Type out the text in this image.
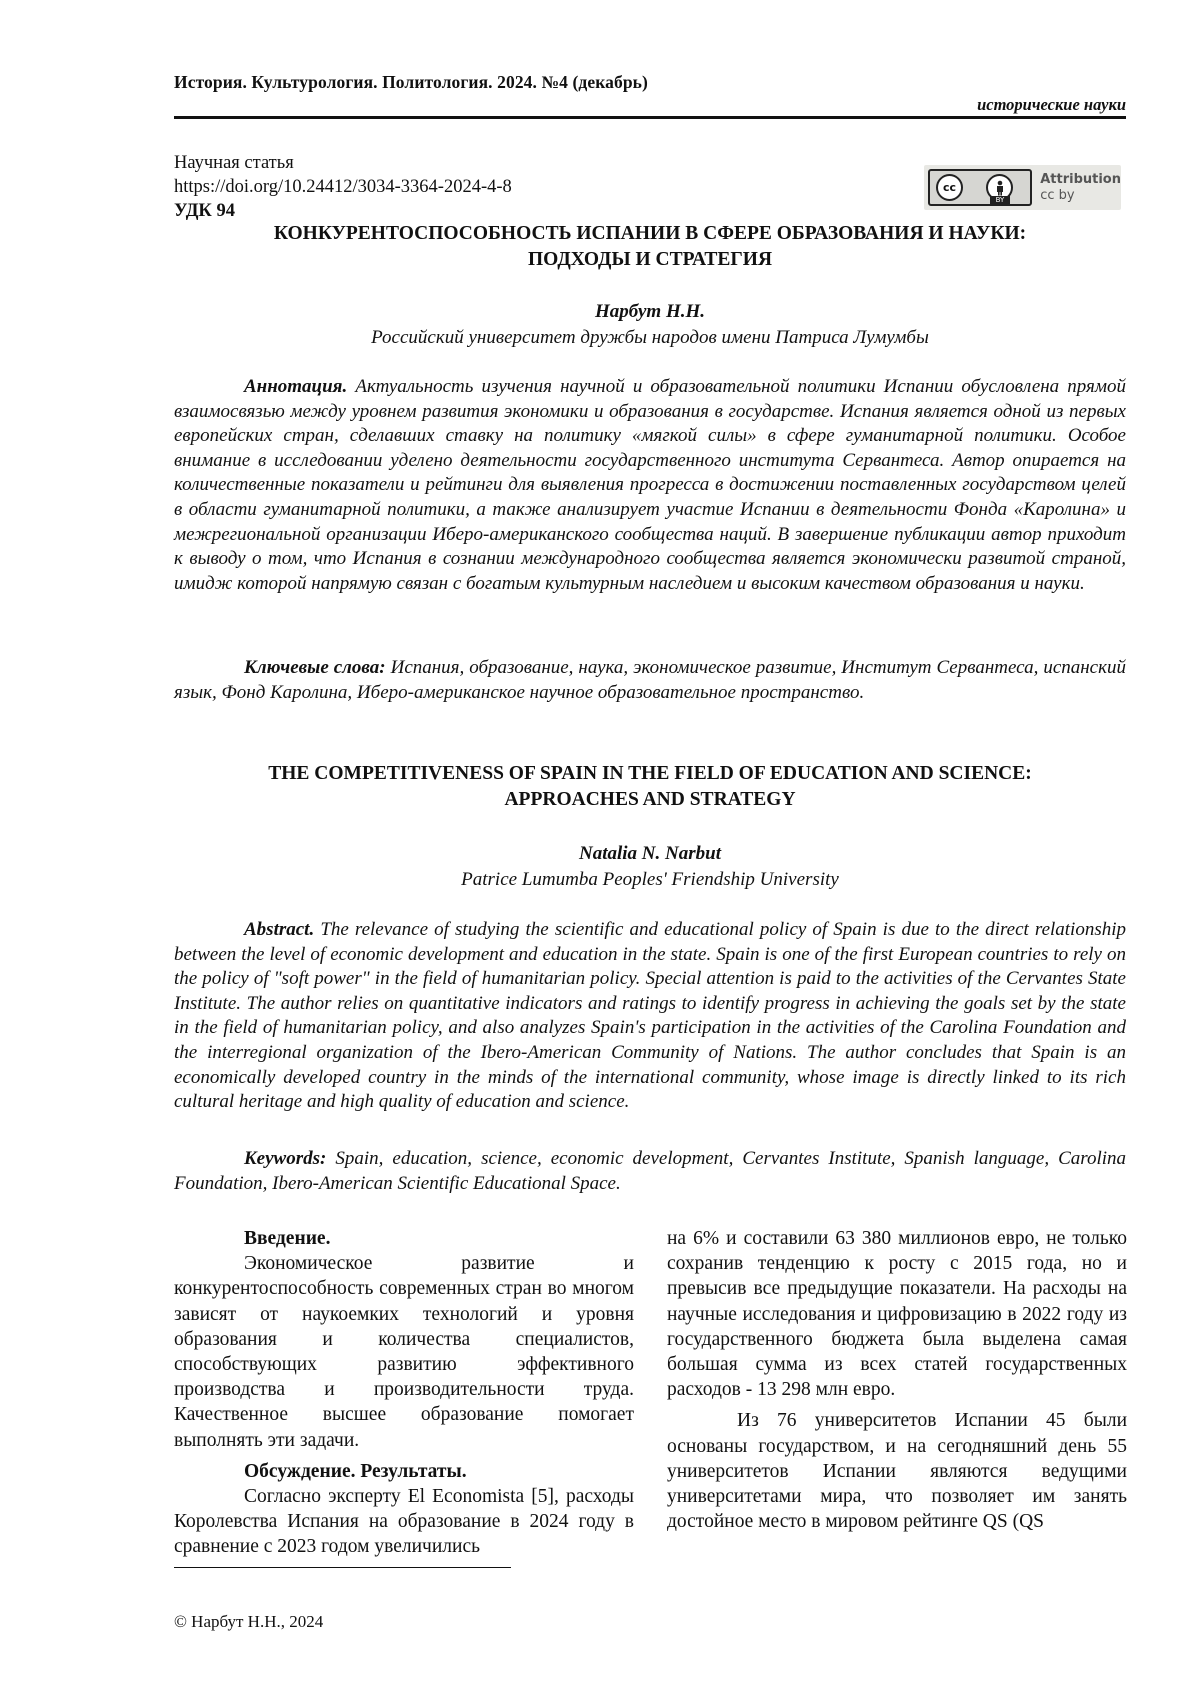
История. Культурология. Политология. 2024. №4 (декабрь)
исторические науки
Научная статья
https://doi.org/10.24412/3034-3364-2024-4-8
УДК 94
cc
BY
Attribution
cc by
КОНКУРЕНТОСПОСОБНОСТЬ ИСПАНИИ В СФЕРЕ ОБРАЗОВАНИЯ И НАУКИ:
ПОДХОДЫ И СТРАТЕГИЯ
Нарбут Н.Н.
Российский университет дружбы народов имени Патриса Лумумбы
Аннотация. Актуальность изучения научной и образовательной политики Испании обусловлена прямой взаимосвязью между уровнем развития экономики и образования в государстве. Испания является одной из первых европейских стран, сделавших ставку на политику «мягкой силы» в сфере гуманитарной политики. Особое внимание в исследовании уделено деятельности государственного института Сервантеса. Автор опирается на количественные показатели и рейтинги для выявления прогресса в достижении поставленных государством целей в области гуманитарной политики, а также анализирует участие Испании в деятельности Фонда «Каролина» и межрегиональной организации Иберо-американского сообщества наций. В завершение публикации автор приходит к выводу о том, что Испания в сознании международного сообщества является экономически развитой страной, имидж которой напрямую связан с богатым культурным наследием и высоким качеством образования и науки.
Ключевые слова: Испания, образование, наука, экономическое развитие, Институт Сервантеса, испанский язык, Фонд Каролина, Иберо-американское научное образовательное пространство.
THE COMPETITIVENESS OF SPAIN IN THE FIELD OF EDUCATION AND SCIENCE:
APPROACHES AND STRATEGY
Natalia N. Narbut
Patrice Lumumba Peoples' Friendship University
Abstract. The relevance of studying the scientific and educational policy of Spain is due to the direct relationship between the level of economic development and education in the state. Spain is one of the first European countries to rely on the policy of "soft power" in the field of humanitarian policy. Special attention is paid to the activities of the Cervantes State Institute. The author relies on quantitative indicators and ratings to identify progress in achieving the goals set by the state in the field of humanitarian policy, and also analyzes Spain's participation in the activities of the Carolina Foundation and the interregional organization of the Ibero-American Community of Nations. The author concludes that Spain is an economically developed country in the minds of the international community, whose image is directly linked to its rich cultural heritage and high quality of education and science.
Keywords: Spain, education, science, economic development, Cervantes Institute, Spanish language, Carolina Foundation, Ibero-American Scientific Educational Space.

Введение.

Экономическое развитие и конкурентоспособность современных стран во многом зависят от наукоемких технологий и уровня образования и количества специалистов, способствующих развитию эффективного производства и производительности труда. Качественное высшее образование помогает выполнять эти задачи.

Обсуждение. Результаты.

Согласно эксперту El Economista [5], расходы Королевства Испания на образование в 2024 году в сравнение с 2023 годом увеличились

на 6% и составили 63 380 миллионов евро, не только сохранив тенденцию к росту с 2015 года, но и превысив все предыдущие показатели. На расходы на научные исследования и цифровизацию в 2022 году из государственного бюджета была выделена самая большая сумма из всех статей государственных расходов - 13 298 млн евро.

Из 76 университетов Испании 45 были основаны государством, и на сегодняшний день 55 университетов Испании являются ведущими университетами мира, что позволяет им занять достойное место в мировом рейтинге QS (QS

© Нарбут Н.Н., 2024
